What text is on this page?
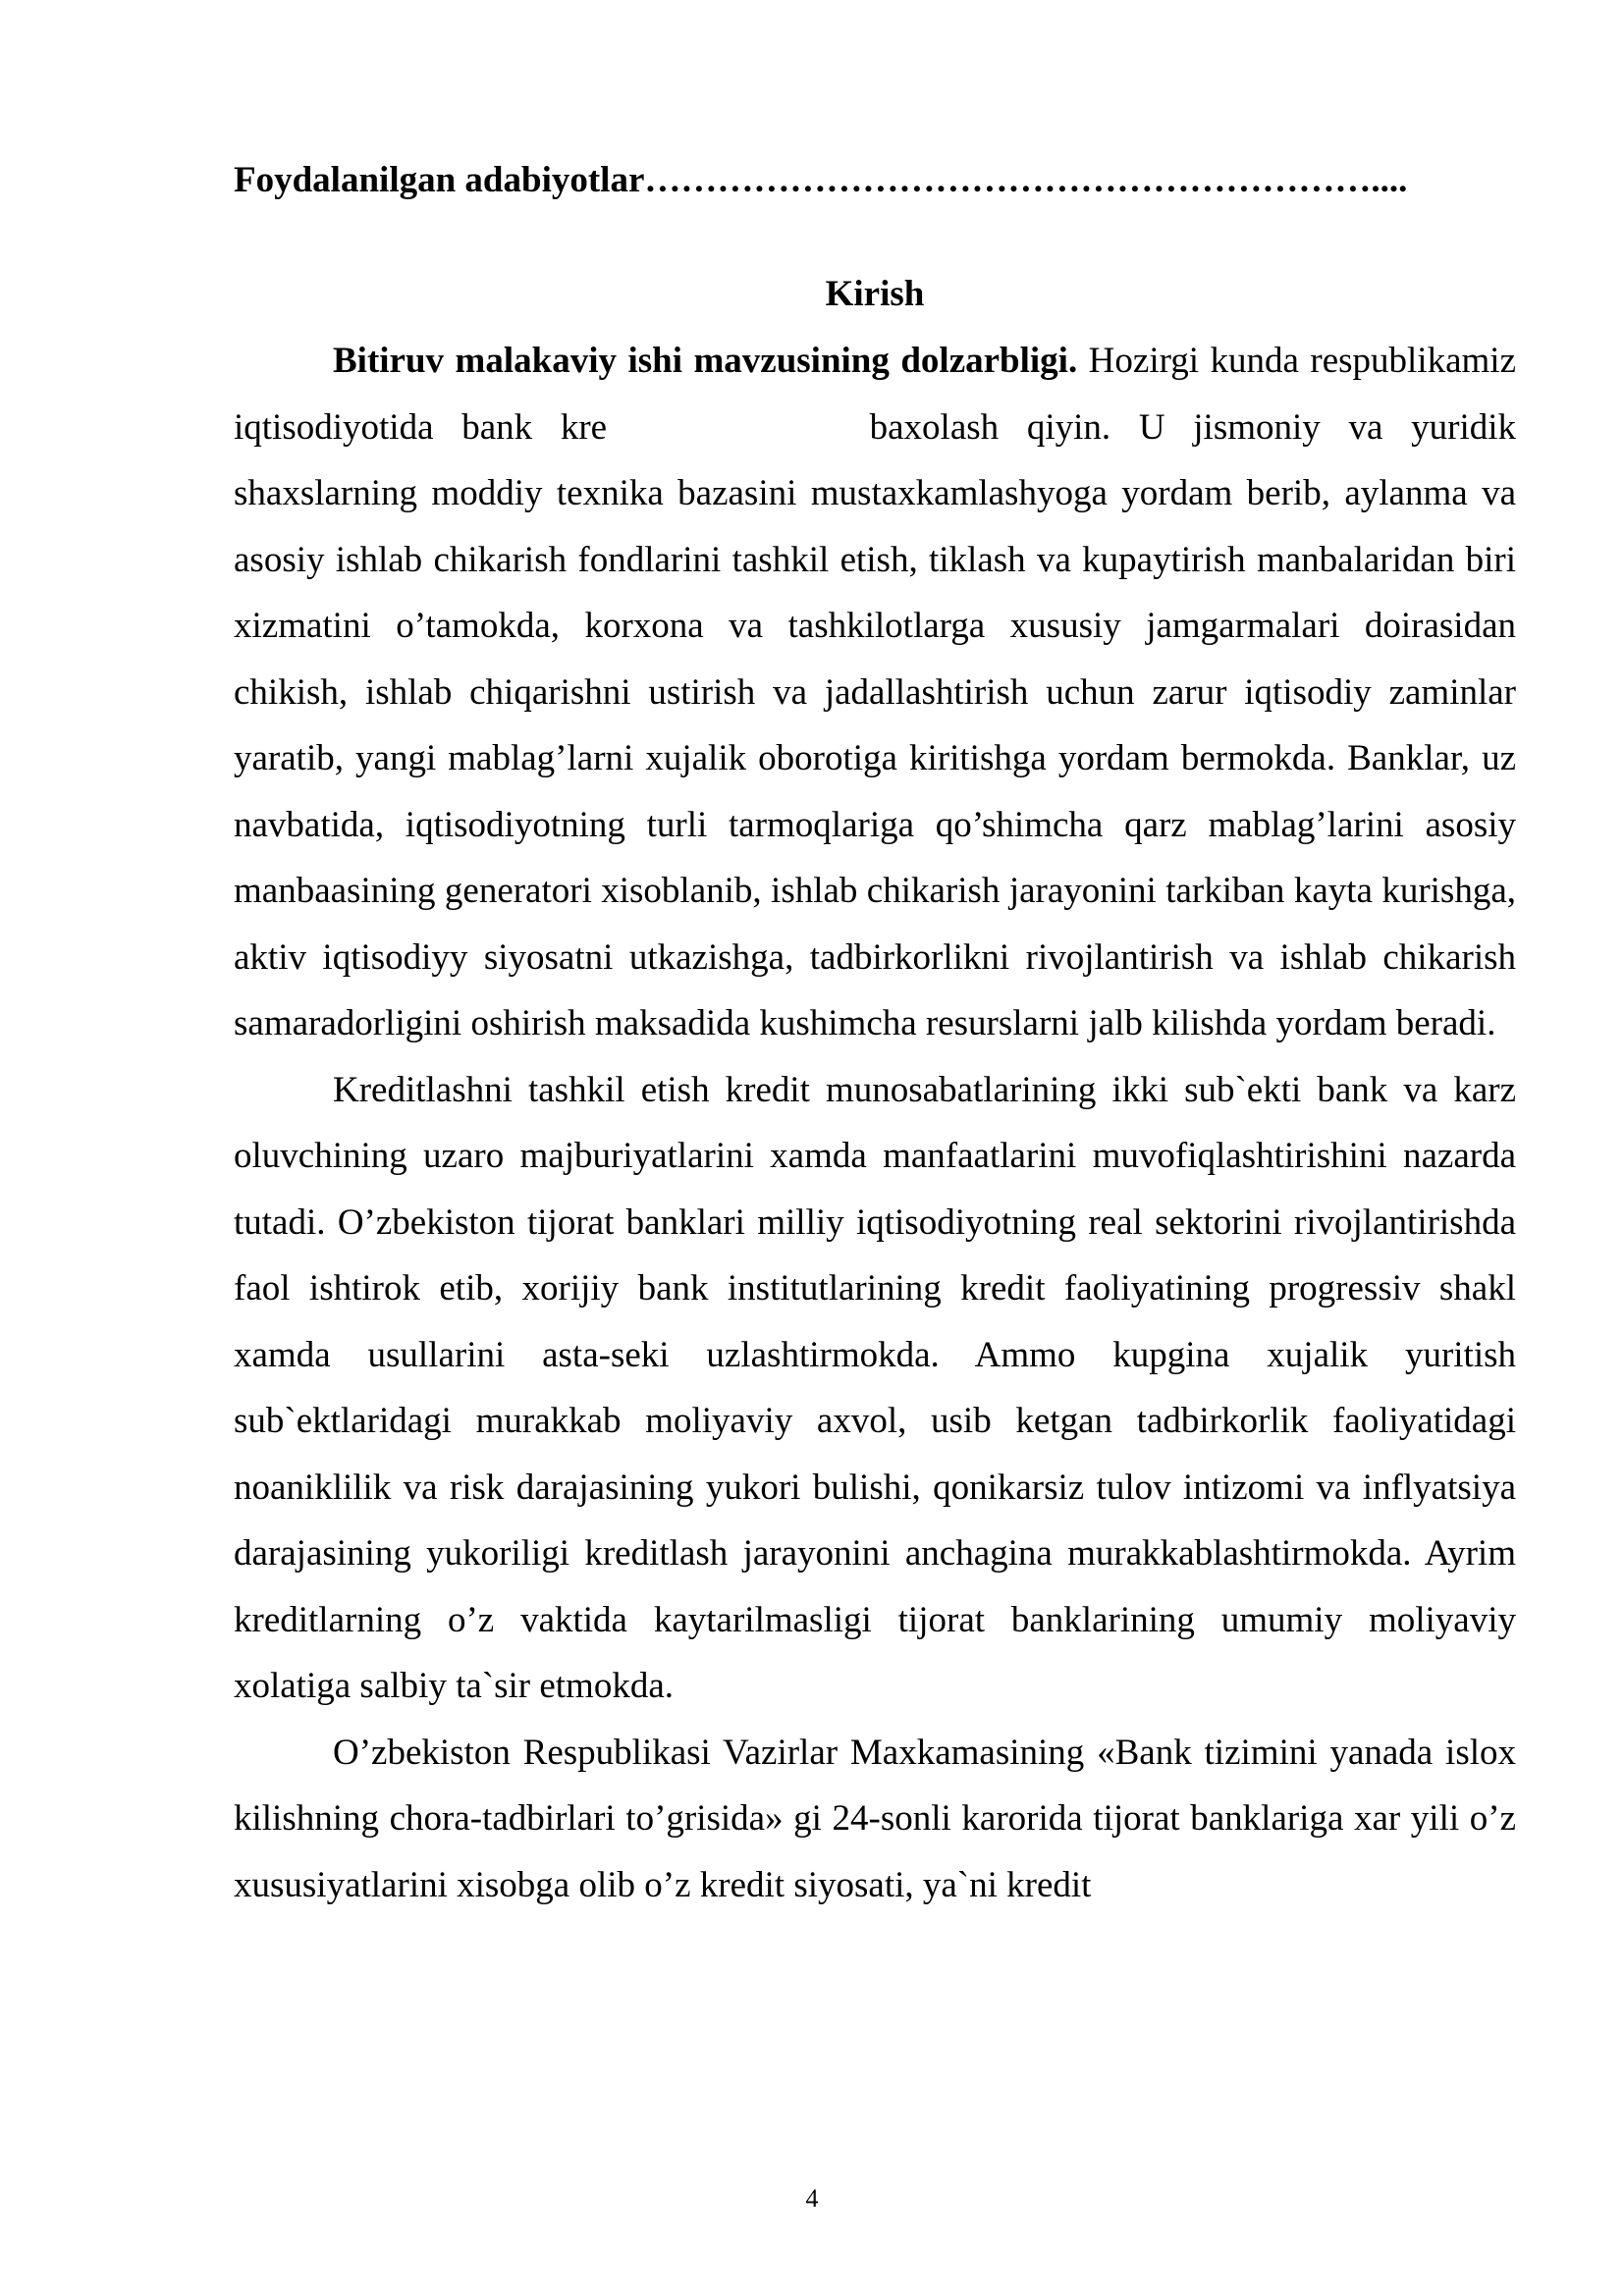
Foydalanilgan adabiyotlar……………………………………………………....
Kirish

Bitiruv malakaviy ishi mavzusining dolzarbligi. Hozirgi kunda respublikamiz iqtisodiyotida bank kre	baxolash qiyin. U jismoniy va yuridik shaxslarning moddiy texnika bazasini mustaxkamlashyoga yordam berib, aylanma va asosiy ishlab chikarish fondlarini tashkil etish, tiklash va kupaytirish manbalaridan biri xizmatini o’tamokda, korxona va tashkilotlarga xususiy jamgarmalari doirasidan chikish, ishlab chiqarishni ustirish va jadallashtirish uchun zarur iqtisodiy zaminlar yaratib, yangi mablag’larni xujalik oborotiga kiritishga yordam bermokda. Banklar, uz navbatida, iqtisodiyotning turli tarmoqlariga qo’shimcha qarz mablag’larini asosiy manbaasining generatori xisoblanib, ishlab chikarish jarayonini tarkiban kayta kurishga, aktiv iqtisodiyy siyosatni utkazishga, tadbirkorlikni rivojlantirish va ishlab chikarish samaradorligini oshirish maksadida kushimcha resurslarni jalb kilishda yordam beradi.

Kreditlashni tashkil etish kredit munosabatlarining ikki sub`ekti bank va karz oluvchining uzaro majburiyatlarini xamda manfaatlarini muvofiqlashtirishini nazarda tutadi. O’zbekiston tijorat banklari milliy iqtisodiyotning real sektorini rivojlantirishda faol ishtirok etib, xorijiy bank institutlarining kredit faoliyatining progressiv shakl xamda usullarini asta-seki uzlashtirmokda. Ammo kupgina xujalik yuritish sub`ektlaridagi murakkab moliyaviy axvol, usib ketgan tadbirkorlik faoliyatidagi noaniklilik va risk darajasining yukori bulishi, qonikarsiz tulov intizomi va inflyatsiya darajasining yukoriligi kreditlash jarayonini anchagina murakkablashtirmokda. Ayrim kreditlarning o’z vaktida kaytarilmasligi tijorat banklarining umumiy moliyaviy xolatiga salbiy ta`sir etmokda.

O’zbekiston Respublikasi Vazirlar Maxkamasining «Bank tizimini yanada islox kilishning chora-tadbirlari to’grisida» gi 24-sonli karorida tijorat banklariga xar yili o’z xususiyatlarini xisobga olib o’z kredit siyosati, ya`ni kredit

4
